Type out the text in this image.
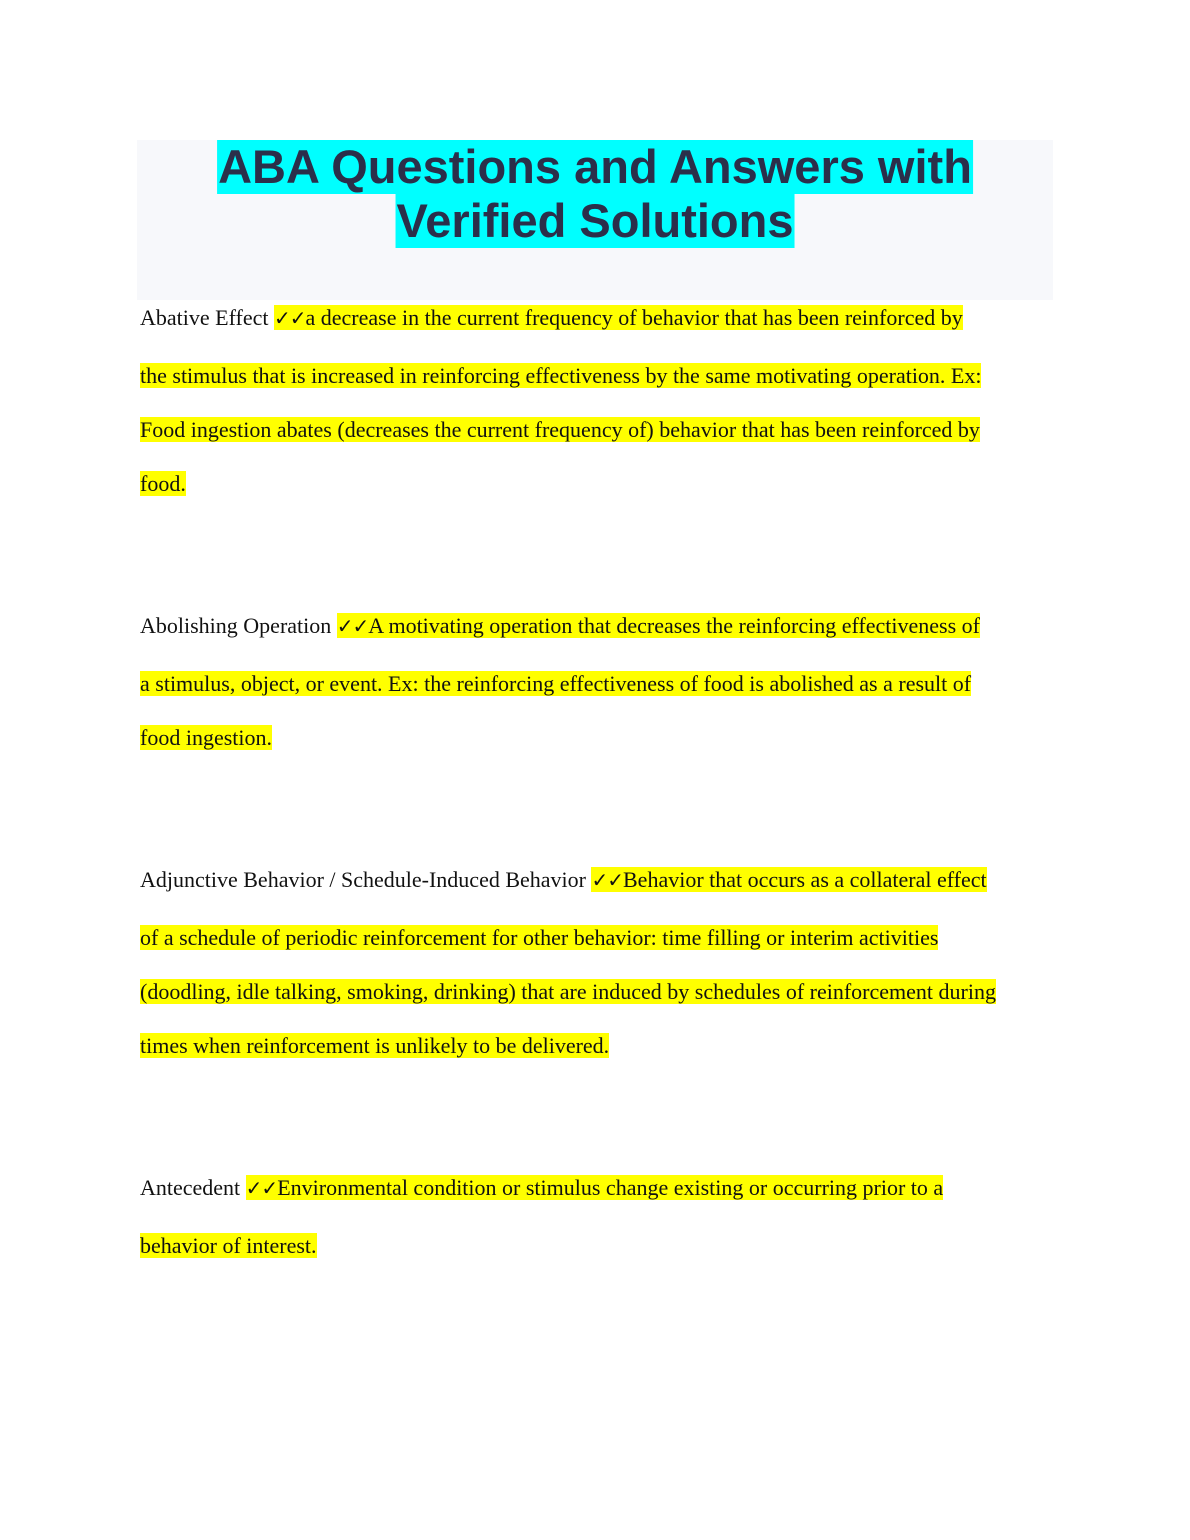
ABA Questions and Answers with
Verified Solutions
Abative Effect ✓✓a decrease in the current frequency of behavior that has been reinforced by
the stimulus that is increased in reinforcing effectiveness by the same motivating operation. Ex:
Food ingestion abates (decreases the current frequency of) behavior that has been reinforced by
food.
Abolishing Operation ✓✓A motivating operation that decreases the reinforcing effectiveness of
a stimulus, object, or event. Ex: the reinforcing effectiveness of food is abolished as a result of
food ingestion.
Adjunctive Behavior / Schedule-Induced Behavior ✓✓Behavior that occurs as a collateral effect
of a schedule of periodic reinforcement for other behavior: time filling or interim activities
(doodling, idle talking, smoking, drinking) that are induced by schedules of reinforcement during
times when reinforcement is unlikely to be delivered.
Antecedent ✓✓Environmental condition or stimulus change existing or occurring prior to a
behavior of interest.
